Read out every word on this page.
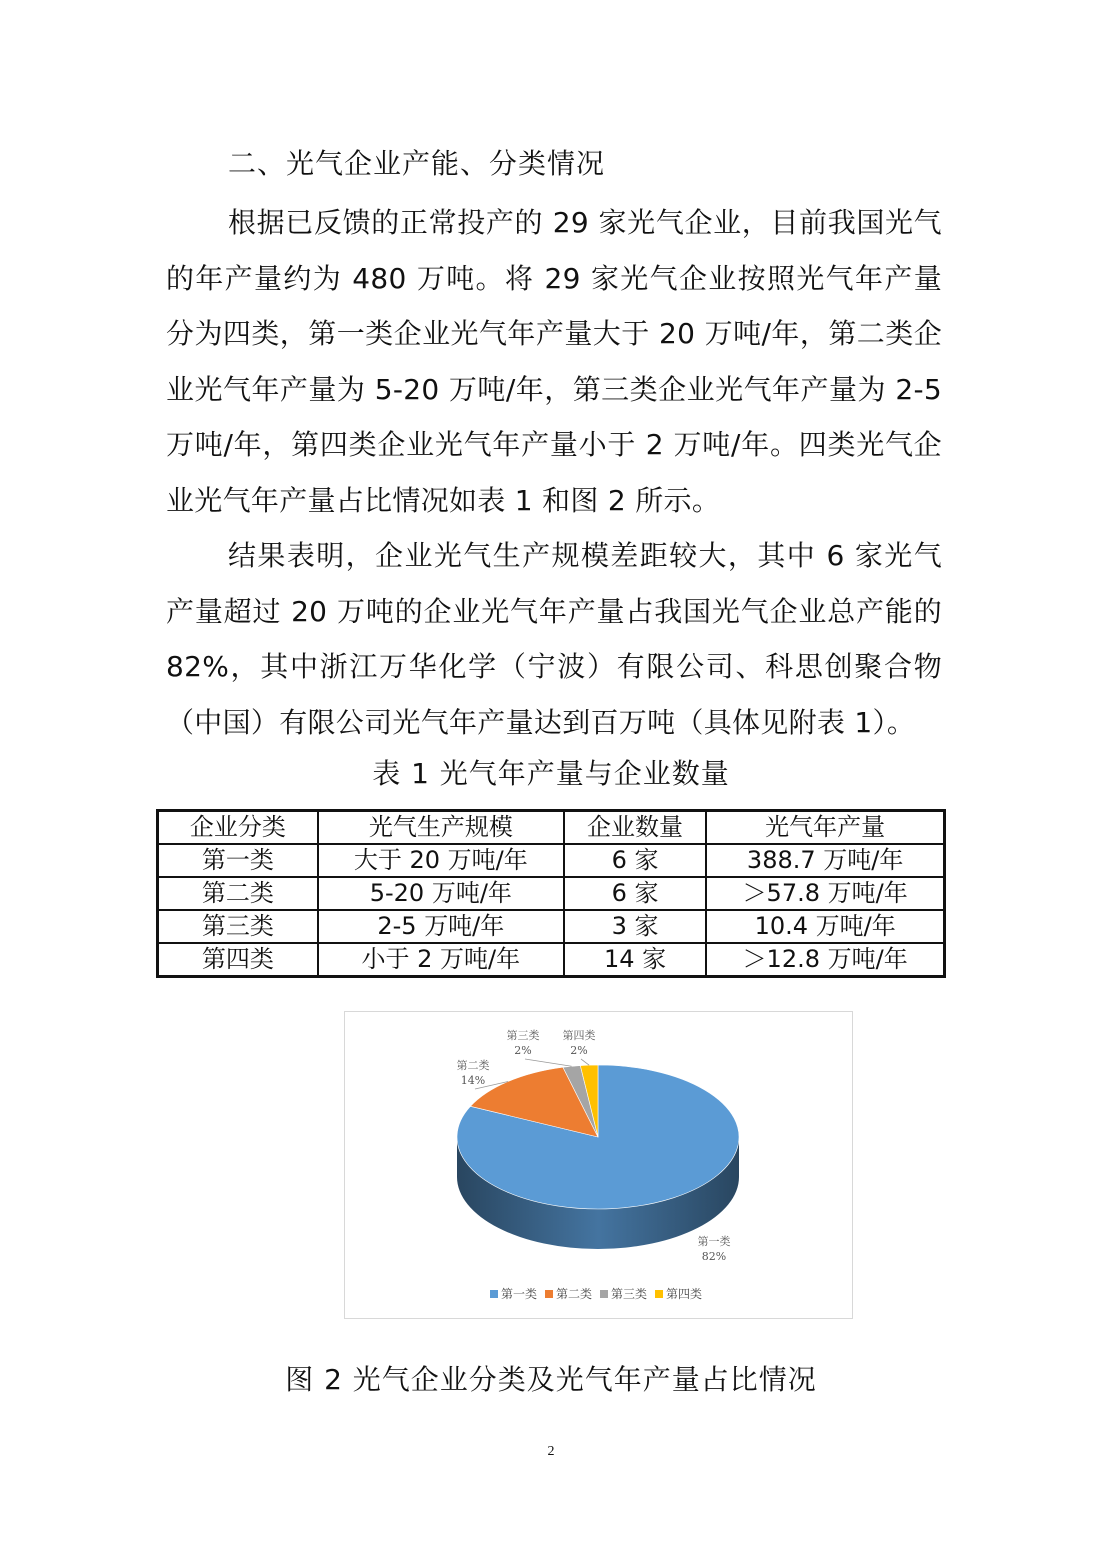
二、光气企业产能、分类情况

根据已反馈的正常投产的 29 家光气企业，目前我国光气的年产量约为 480 万吨。将 29 家光气企业按照光气年产量分为四类，第一类企业光气年产量大于 20 万吨/年，第二类企业光气年产量为 5-20 万吨/年，第三类企业光气年产量为 2-5 万吨/年，第四类企业光气年产量小于 2 万吨/年。四类光气企业光气年产量占比情况如表 1 和图 2 所示。

结果表明，企业光气生产规模差距较大，其中 6 家光气产量超过 20 万吨的企业光气年产量占我国光气企业总产能的 82%，其中浙江万华化学（宁波）有限公司、科思创聚合物（中国）有限公司光气年产量达到百万吨（具体见附表 1）。

表 1 光气年产量与企业数量
企业分类	光气生产规模	企业数量	光气年产量
第一类	大于 20 万吨/年	6 家	388.7 万吨/年
第二类	5-20 万吨/年	6 家	＞57.8 万吨/年
第三类	2-5 万吨/年	3 家	10.4 万吨/年
第四类	小于 2 万吨/年	14 家	＞12.8 万吨/年
第一类
82%
第二类
14%
第三类
2%
第四类
2%
第一类 第二类 第三类 第四类
图 2 光气企业分类及光气年产量占比情况
2
